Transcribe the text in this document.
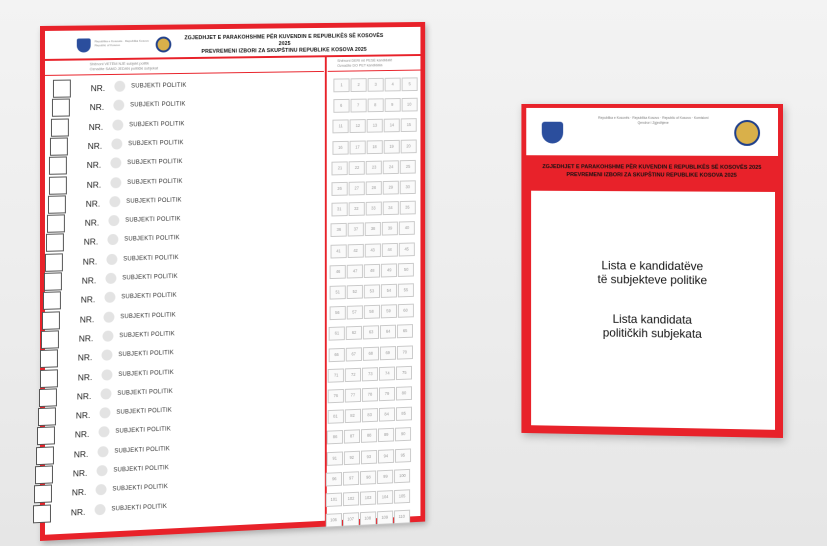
Republika e Kosovës · Republika Kosovo · Republic of Kosovo
ZGJEDHJET E PARAKOHSHME PËR KUVENDIN E REPUBLIKËS SË KOSOVËS 2025
PREVREMENI IZBORI ZA SKUPŠTINU REPUBLIKE KOSOVA 2025
Shënoni VETËM NJË subjekt politik
Označite SAMO JEDAN politički subjekat
Shënoni DERI në PESË kandidatë
Označite DO PET kandidata
NR.	SUBJEKTI POLITIK
NR.	SUBJEKTI POLITIK
NR.	SUBJEKTI POLITIK
NR.	SUBJEKTI POLITIK
NR.	SUBJEKTI POLITIK
NR.	SUBJEKTI POLITIK
NR.	SUBJEKTI POLITIK
NR.	SUBJEKTI POLITIK
NR.	SUBJEKTI POLITIK
NR.	SUBJEKTI POLITIK
NR.	SUBJEKTI POLITIK
NR.	SUBJEKTI POLITIK
NR.	SUBJEKTI POLITIK
NR.	SUBJEKTI POLITIK
NR.	SUBJEKTI POLITIK
NR.	SUBJEKTI POLITIK
NR.	SUBJEKTI POLITIK
NR.	SUBJEKTI POLITIK
NR.	SUBJEKTI POLITIK
NR.	SUBJEKTI POLITIK
NR.	SUBJEKTI POLITIK
NR.	SUBJEKTI POLITIK
NR.	SUBJEKTI POLITIK
1	2	3	4	5
6	7	8	9	10
11	12	13	14	15
16	17	18	19	20
21	22	23	24	25
26	27	28	29	30
31	32	33	34	35
36	37	38	39	40
41	42	43	44	45
46	47	48	49	50
51	52	53	54	55
56	57	58	59	60
61	62	63	64	65
66	67	68	69	70
71	72	73	74	75
76	77	78	79	80
81	82	83	84	85
86	87	88	89	90
91	92	93	94	95
96	97	98	99	100
101	102	103	104	105
106	107	108	109	110
Republika e Kosovës · Republika Kosovo · Republic of Kosovo · Komisioni Qendror i Zgjedhjeve
ZGJEDHJET E PARAKOHSHME PËR KUVENDIN E REPUBLIKËS SË KOSOVËS 2025
PREVREMENI IZBORI ZA SKUPŠTINU REPUBLIKE KOSOVA 2025
Lista e kandidatëve
të subjekteve politike
Lista kandidata
političkih subjekata
